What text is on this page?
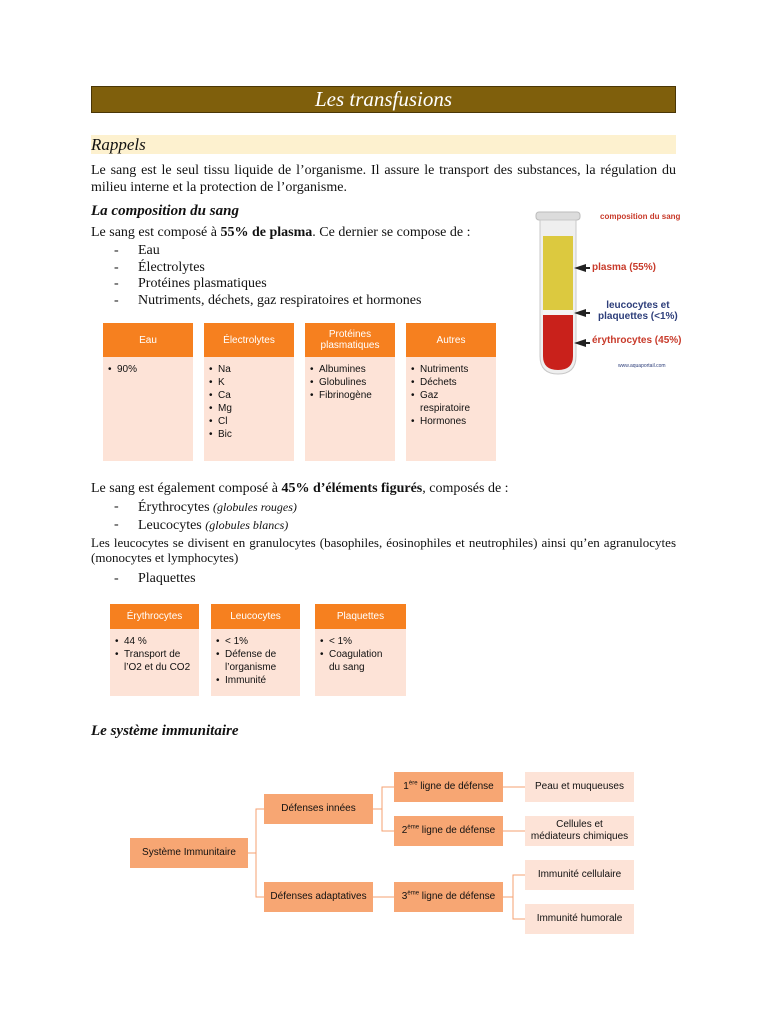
Les transfusions
Rappels
Le sang est le seul tissu liquide de l’organisme. Il assure le transport des substances, la régulation du milieu interne et la protection de l’organisme.
La composition du sang
Le sang est composé à 55% de plasma. Ce dernier se compose de :
- Eau
- Électrolytes
- Protéines plasmatiques
- Nutriments, déchets, gaz respiratoires et hormones
composition du sang
plasma (55%)
leucocytes et
plaquettes (<1%)
érythrocytes (45%)
www.aquaportail.com
Eau
• 90%
Électrolytes
• Na
• K
• Ca
• Mg
• Cl
• Bic
Protéines
plasmatiques
• Albumines
• Globulines
• Fibrinogène
Autres
• Nutriments
• Déchets
• Gaz respiratoire
• Hormones
Le sang est également composé à 45% d’éléments figurés, composés de :
- Érythrocytes (globules rouges)
- Leucocytes (globules blancs)
Les leucocytes se divisent en granulocytes (basophiles, éosinophiles et neutrophiles) ainsi qu’en agranulocytes (monocytes et lymphocytes)
- Plaquettes
Érythrocytes
• 44 %
• Transport de l’O2 et du CO2
Leucocytes
• < 1%
• Défense de l’organisme
• Immunité
Plaquettes
• < 1%
• Coagulation du sang
Le système immunitaire
Système Immunitaire
Défenses innées
Défenses adaptatives
1ère ligne de défense
2ème ligne de défense
3ème ligne de défense
Peau et muqueuses
Cellules et
médiateurs chimiques
Immunité cellulaire
Immunité humorale
